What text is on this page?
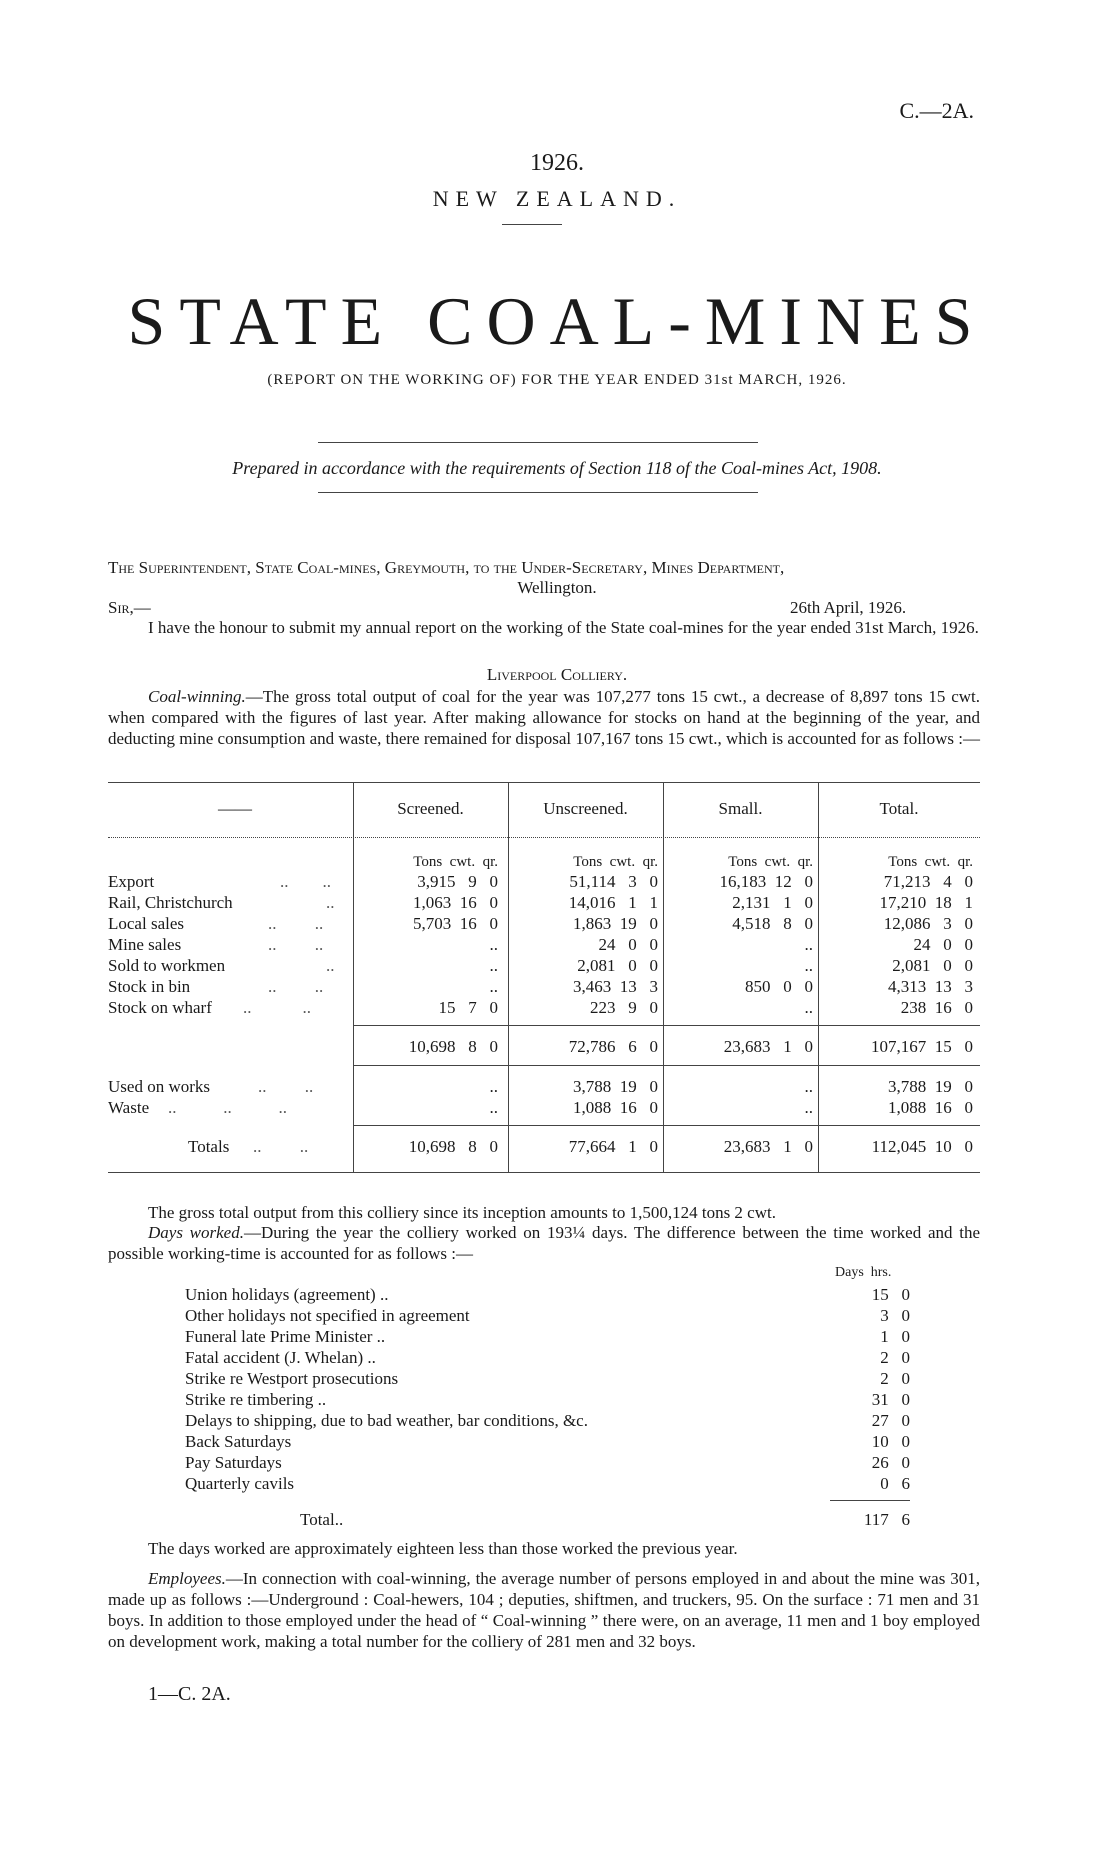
C.—2A.
1926.
NEW ZEALAND.
STATE COAL-MINES
(REPORT ON THE WORKING OF) FOR THE YEAR ENDED 31st MARCH, 1926.
Prepared in accordance with the requirements of Section 118 of the Coal-mines Act, 1908.
The Superintendent, State Coal-mines, Greymouth, to the Under-Secretary, Mines Department,
Wellington.
Sir,—	26th April, 1926.
I have the honour to submit my annual report on the working of the State coal-mines for the year ended 31st March, 1926.
Liverpool Colliery.
Coal-winning.—The gross total output of coal for the year was 107,277 tons 15 cwt., a decrease of 8,897 tons 15 cwt. when compared with the figures of last year. After making allowance for stocks on hand at the beginning of the year, and deducting mine consumption and waste, there remained for disposal 107,167 tons 15 cwt., which is accounted for as follows :—
——	Screened.	Unscreened.	Small.	Total.
Tons  cwt.  qr.	Tons  cwt.  qr.	Tons  cwt.  qr.	Tons  cwt.  qr.
Export	..        ..	3,915   9   0	51,114   3   0	16,183  12   0	71,213   4   0
Rail, Christchurch	..	1,063  16   0	14,016   1   1	2,131   1   0	17,210  18   1
Local sales	..         ..	5,703  16   0	1,863  19   0	4,518   8   0	12,086   3   0
Mine sales	..         ..	..	24   0   0	..	24   0   0
Sold to workmen	..	..	2,081   0   0	..	2,081   0   0
Stock in bin	..         ..	..	3,463  13   3	850   0   0	4,313  13   3
Stock on wharf ..            ..	15   7   0	223   9   0	..	238  16   0
10,698   8   0	72,786   6   0	23,683   1   0	107,167  15   0
Used on works	..         ..	..	3,788  19   0	..	3,788  19   0
Waste ..           ..           ..	..	1,088  16   0	..	1,088  16   0
Totals ..         ..	10,698   8   0	77,664   1   0	23,683   1   0	112,045  10   0
The gross total output from this colliery since its inception amounts to 1,500,124 tons 2 cwt.
Days worked.—During the year the colliery worked on 193¼ days. The difference between the time worked and the possible working-time is accounted for as follows :—
Days  hrs.
Union holidays (agreement) ..	15   0
Other holidays not specified in agreement	3   0
Funeral late Prime Minister ..	1   0
Fatal accident (J. Whelan) ..	2   0
Strike re Westport prosecutions	2   0
Strike re timbering ..	31   0
Delays to shipping, due to bad weather, bar conditions, &c.	27   0
Back Saturdays	10   0
Pay Saturdays	26   0
Quarterly cavils	0   6
Total..	117   6
The days worked are approximately eighteen less than those worked the previous year.
Employees.—In connection with coal-winning, the average number of persons employed in and about the mine was 301, made up as follows :—Underground : Coal-hewers, 104 ; deputies, shiftmen, and truckers, 95. On the surface : 71 men and 31 boys. In addition to those employed under the head of “ Coal-winning ” there were, on an average, 11 men and 1 boy employed on development work, making a total number for the colliery of 281 men and 32 boys.
1—C. 2A.
